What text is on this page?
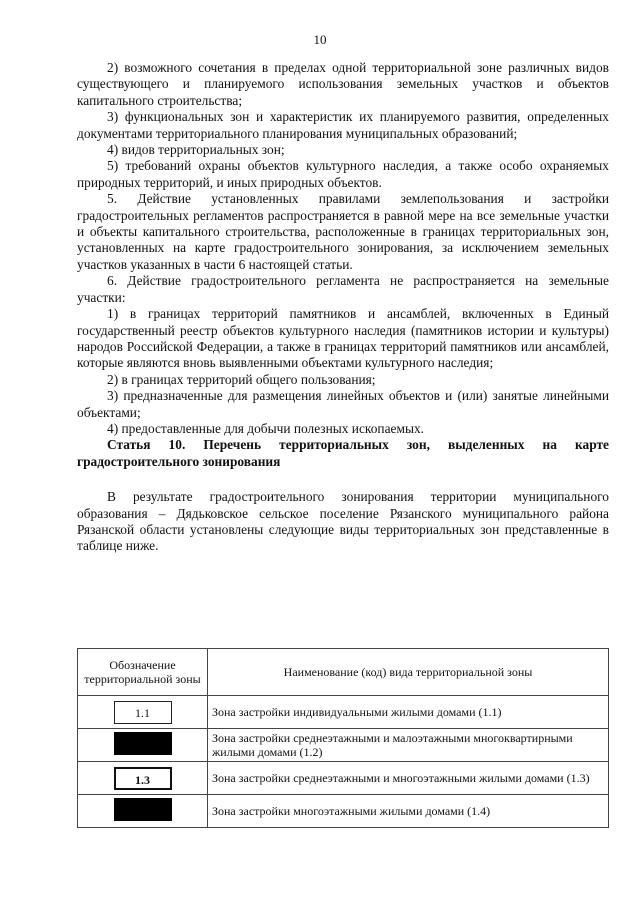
10

2) возможного сочетания в пределах одной территориальной зоне различных видов существующего и планируемого использования земельных участков и объектов капитального строительства;

3) функциональных зон и характеристик их планируемого развития, определенных документами территориального планирования муниципальных образований;

4) видов территориальных зон;

5) требований охраны объектов культурного наследия, а также особо охраняемых природных территорий, и иных природных объектов.

5. Действие установленных правилами землепользования и застройки градостроительных регламентов распространяется в равной мере на все земельные участки и объекты капитального строительства, расположенные в границах территориальных зон, установленных на карте градостроительного зонирования, за исключением земельных участков указанных в части 6 настоящей статьи.

6. Действие градостроительного регламента не распространяется на земельные участки:

1) в границах территорий памятников и ансамблей, включенных в Единый государственный реестр объектов культурного наследия (памятников истории и культуры) народов Российской Федерации, а также в границах территорий памятников или ансамблей, которые являются вновь выявленными объектами культурного наследия;

2) в границах территорий общего пользования;

3) предназначенные для размещения линейных объектов и (или) занятые линейными объектами;

4) предоставленные для добычи полезных ископаемых.

Статья 10. Перечень территориальных зон, выделенных на карте градостроительного зонирования

В результате градостроительного зонирования территории муниципального образования – Дядьковское сельское поселение Рязанского муниципального района Рязанской области установлены следующие виды территориальных зон представленные в таблице ниже.

Обозначение территориальной зоны	Наименование (код) вида территориальной зоны
1.1	Зона застройки индивидуальными жилыми домами (1.1)
	Зона застройки среднеэтажными и малоэтажными многоквартирными жилыми домами (1.2)
1.3	Зона застройки среднеэтажными и многоэтажными жилыми домами (1.3)
	Зона застройки многоэтажными жилыми домами (1.4)
